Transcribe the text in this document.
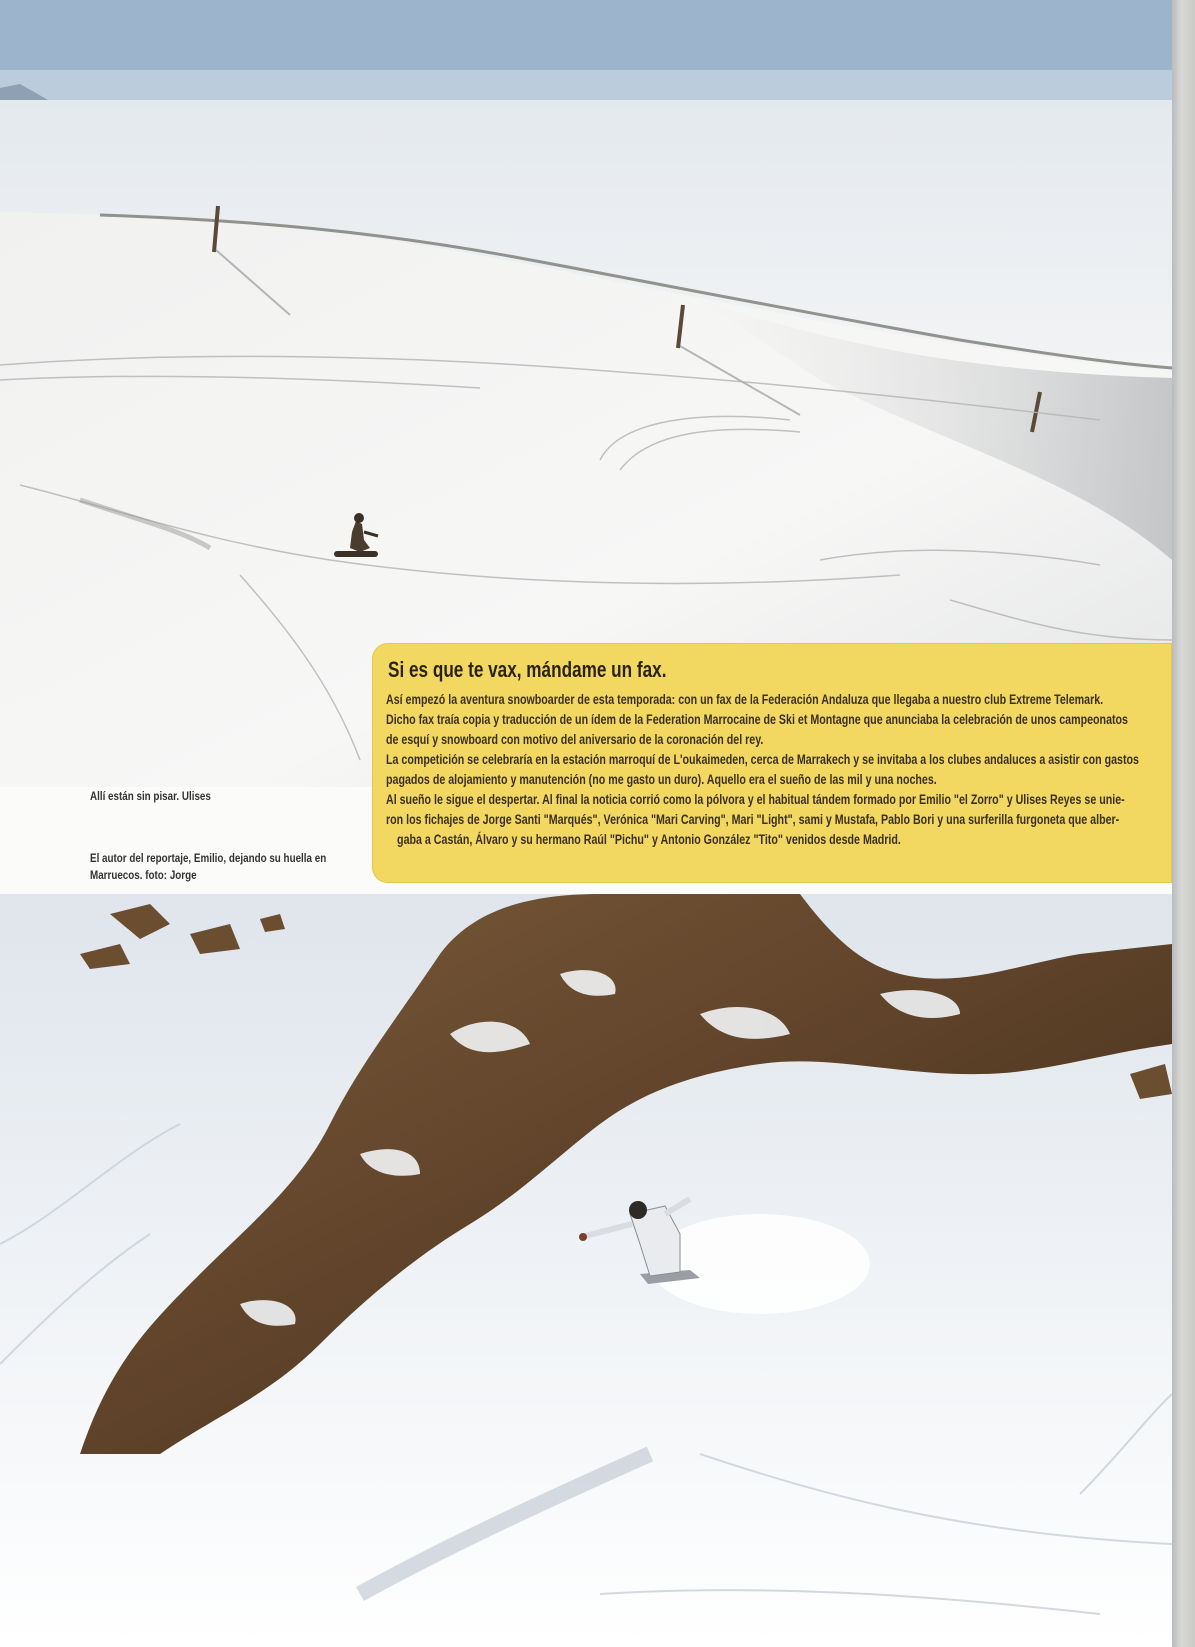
Allí están sin pisar. Ulises
El autor del reportaje, Emilio, dejando su huella en Marruecos. foto: Jorge
Si es que te vax, mándame un fax.

Así empezó la aventura snowboarder de esta temporada: con un fax de la Federación Andaluza que llegaba a nuestro club Extreme Telemark.

Dicho fax traía copia y traducción de un ídem de la Federation Marrocaine de Ski et Montagne que anunciaba la celebración de unos campeonatos

de esquí y snowboard con motivo del aniversario de la coronación del rey.

La competición se celebraría en la estación marroquí de L'oukaimeden, cerca de Marrakech y se invitaba a los clubes andaluces a asistir con gastos

pagados de alojamiento y manutención (no me gasto un duro). Aquello era el sueño de las mil y una noches.

Al sueño le sigue el despertar. Al final la noticia corrió como la pólvora y el habitual tándem formado por Emilio "el Zorro" y Ulises Reyes se unie-

ron los fichajes de Jorge Santi "Marqués", Verónica "Mari Carving", Mari "Light", sami y Mustafa, Pablo Bori y una surferilla furgoneta que alber-

gaba a Castán, Álvaro y su hermano Raúl "Pichu" y Antonio González "Tito" venidos desde Madrid.
